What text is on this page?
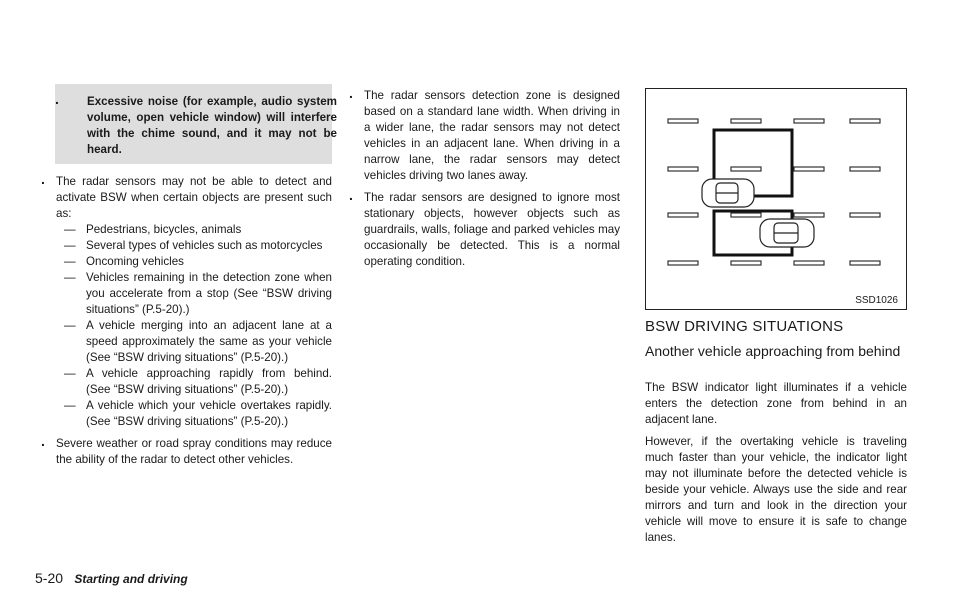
. Excessive noise (for example, audio system volume, open vehicle window) will interfere with the chime sound, and it may not be heard.
. The radar sensors may not be able to detect and activate BSW when certain objects are present such as:
— Pedestrians, bicycles, animals
— Several types of vehicles such as motorcycles
— Oncoming vehicles
— Vehicles remaining in the detection zone when you accelerate from a stop (See “BSW driving situations” (P.5-20).)
— A vehicle merging into an adjacent lane at a speed approximately the same as your vehicle (See “BSW driving situations” (P.5-20).)
— A vehicle approaching rapidly from behind. (See “BSW driving situations” (P.5-20).)
— A vehicle which your vehicle overtakes rapidly. (See “BSW driving situations” (P.5-20).)
. Severe weather or road spray conditions may reduce the ability of the radar to detect other vehicles.
. The radar sensors detection zone is designed based on a standard lane width. When driving in a wider lane, the radar sensors may not detect vehicles in an adjacent lane. When driving in a narrow lane, the radar sensors may detect vehicles driving two lanes away.
. The radar sensors are designed to ignore most stationary objects, however objects such as guardrails, walls, foliage and parked vehicles may occasionally be detected. This is a normal operating condition.
SSD1026
BSW DRIVING SITUATIONS
Another vehicle approaching from behind

The BSW indicator light illuminates if a vehicle enters the detection zone from behind in an adjacent lane.

However, if the overtaking vehicle is traveling much faster than your vehicle, the indicator light may not illuminate before the detected vehicle is beside your vehicle. Always use the side and rear mirrors and turn and look in the direction your vehicle will move to ensure it is safe to change lanes.

5-20 Starting and driving
